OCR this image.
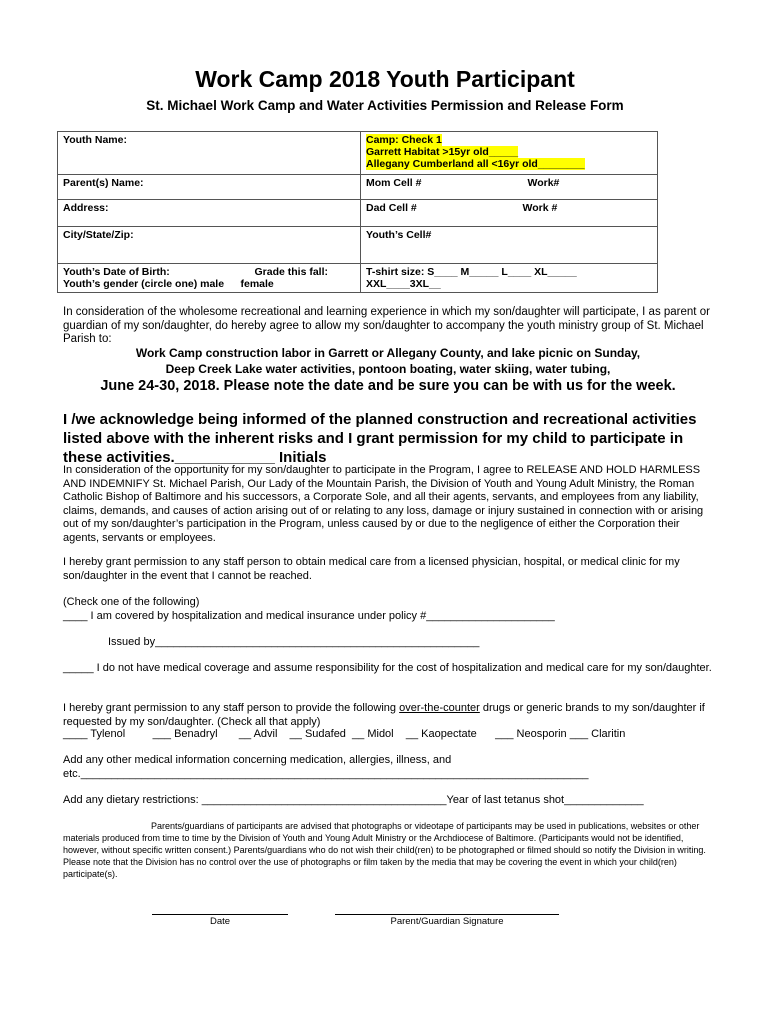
Work Camp 2018 Youth Participant
St. Michael Work Camp and Water Activities Permission and Release Form
Youth Name:	Camp: Check 1
Garrett Habitat >15yr old_____
Allegany Cumberland all <16yr old________
Parent(s) Name:	Mom Cell # Work#

Address:	Dad Cell # Work #

City/State/Zip:	Youth’s Cell#
Youth’s Date of Birth: Grade this fall:

Youth’s gender (circle one) male female	T-shirt size: S____ M_____ L____ XL_____ XXL____3XL__
In consideration of the wholesome recreational and learning experience in which my son/daughter will participate, I as parent or guardian of my son/daughter, do hereby agree to allow my son/daughter to accompany the youth ministry group of St. Michael Parish to:
Work Camp construction labor in Garrett or Allegany County, and lake picnic on Sunday,
Deep Creek Lake water activities, pontoon boating, water skiing, water tubing,
June 24-30, 2018. Please note the date and be sure you can be with us for the week.
I /we acknowledge being informed of the planned construction and recreational activities listed above with the inherent risks and I grant permission for my child to participate in these activities.____________ Initials
In consideration of the opportunity for my son/daughter to participate in the Program, I agree to RELEASE AND HOLD HARMLESS AND INDEMNIFY St. Michael Parish, Our Lady of the Mountain Parish, the Division of Youth and Young Adult Ministry, the Roman Catholic Bishop of Baltimore and his successors, a Corporate Sole, and all their agents, servants, and employees from any liability, claims, demands, and causes of action arising out of or relating to any loss, damage or injury sustained in connection with or arising out of my son/daughter’s participation in the Program, unless caused by or due to the negligence of either the Corporation their agents, servants or employees.
I hereby grant permission to any staff person to obtain medical care from a licensed physician, hospital, or medical clinic for my son/daughter in the event that I cannot be reached.
(Check one of the following)
____ I am covered by hospitalization and medical insurance under policy #_____________________
Issued by_____________________________________________________
_____ I do not have medical coverage and assume responsibility for the cost of hospitalization and medical care for my son/daughter.
I hereby grant permission to any staff person to provide the following over-the-counter drugs or generic brands to my son/daughter if requested by my son/daughter. (Check all that apply)
____ Tylenol         ___ Benadryl       __ Advil    __ Sudafed  __ Midol    __ Kaopectate      ___ Neosporin ___ Claritin
Add any other medical information concerning medication, allergies, illness, and etc.___________________________________________________________________________________
Add any dietary restrictions: ________________________________________Year of last tetanus shot_____________
Parents/guardians of participants are advised that photographs or videotape of participants may be used in publications, websites or other materials produced from time to time by the Division of Youth and Young Adult Ministry or the Archdiocese of Baltimore. (Participants would not be identified, however, without specific written consent.) Parents/guardians who do not wish their child(ren) to be photographed or filmed should so notify the Division in writing. Please note that the Division has no control over the use of photographs or film taken by the media that may be covering the event in which your child(ren) participate(s).
Date	Parent/Guardian Signature
